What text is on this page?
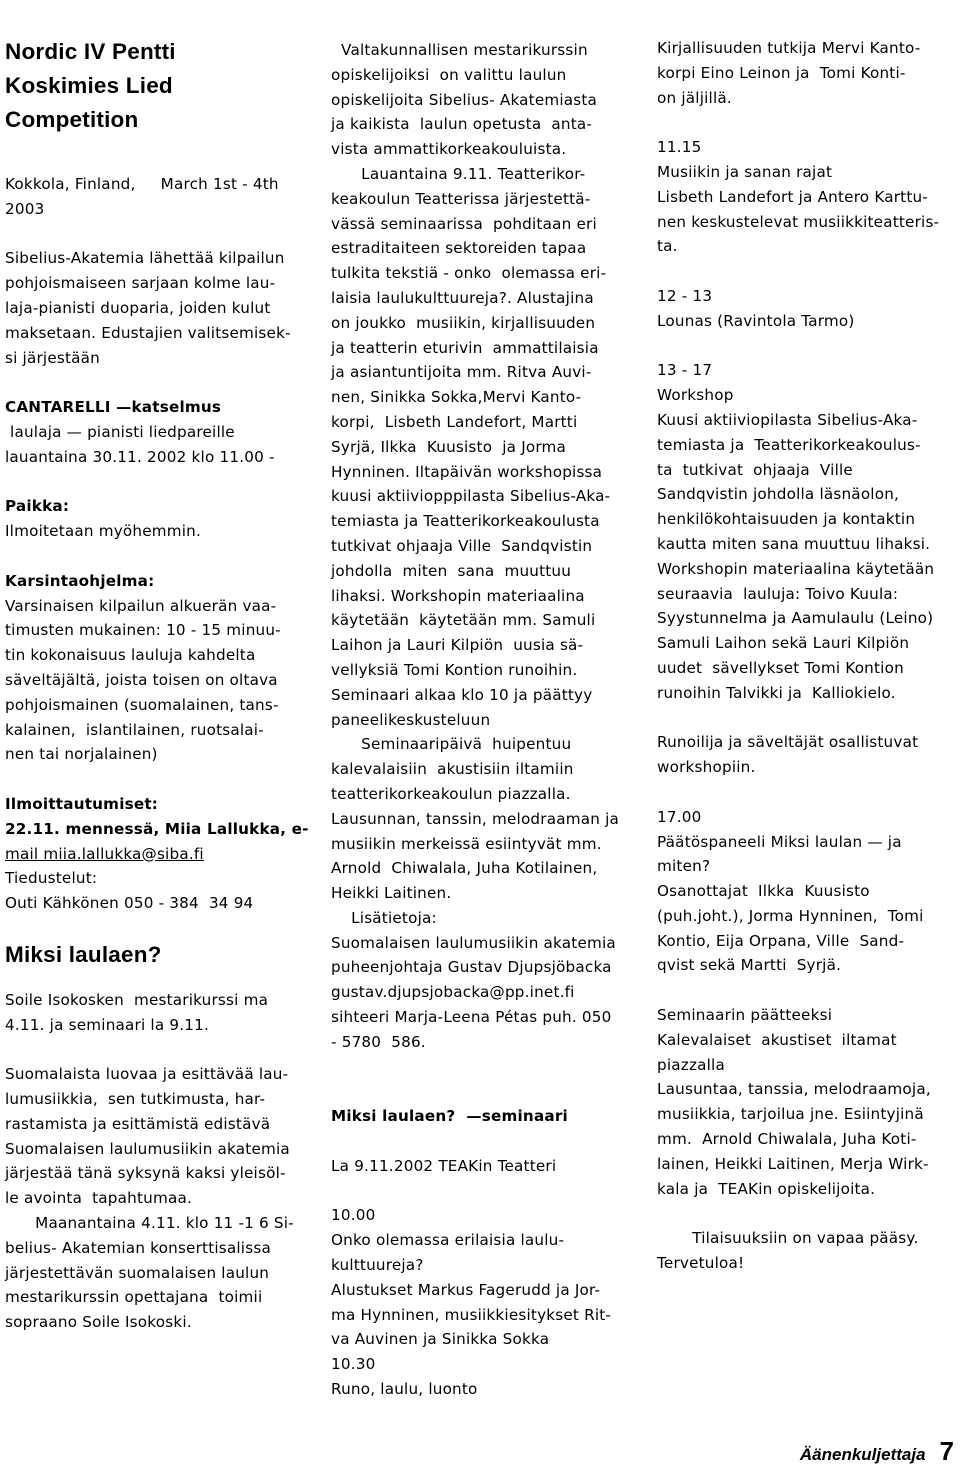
Nordic IV Pentti
Koskimies Lied
Competition

Kokkola, Finland,     March 1st - 4th

2003

Sibelius-Akatemia lähettää kilpailun

pohjoismaiseen sarjaan kolme lau-

laja-pianisti duoparia, joiden kulut

maksetaan. Edustajien valitsemisek-

si järjestään

CANTARELLI —katselmus

laulaja — pianisti liedpareille

lauantaina 30.11. 2002 klo 11.00 -

Paikka:

Ilmoitetaan myöhemmin.

Karsintaohjelma:

Varsinaisen kilpailun alkuerän vaa-

timusten mukainen: 10 - 15 minuu-

tin kokonaisuus lauluja kahdelta

säveltäjältä, joista toisen on oltava

pohjoismainen (suomalainen, tans-

kalainen,  islantilainen, ruotsalai-

nen tai norjalainen)

Ilmoittautumiset:

22.11. mennessä, Miia Lallukka, e-

mail miia.lallukka@siba.fi

Tiedustelut:

Outi Kähkönen 050 - 384  34 94

Miksi laulaen?

Soile Isokosken  mestarikurssi ma

4.11. ja seminaari la 9.11.

Suomalaista luovaa ja esittävää lau-

lumusiikkia,  sen tutkimusta, har-

rastamista ja esittämistä edistävä

Suomalaisen laulumusiikin akatemia

järjestää tänä syksynä kaksi yleisöl-

le avointa  tapahtumaa.

Maanantaina 4.11. klo 11 -1 6 Si-

belius- Akatemian konserttisalissa

järjestettävän suomalaisen laulun

mestarikurssin opettajana  toimii

sopraano Soile Isokoski.

Valtakunnallisen mestarikurssin

opiskelijoiksi  on valittu laulun

opiskelijoita Sibelius- Akatemiasta

ja kaikista  laulun opetusta  anta-

vista ammattikorkeakouluista.

Lauantaina 9.11. Teatterikor-

keakoulun Teatterissa järjestettä-

vässä seminaarissa  pohditaan eri

estraditaiteen sektoreiden tapaa

tulkita tekstiä - onko  olemassa eri-

laisia laulukulttuureja?. Alustajina

on joukko  musiikin, kirjallisuuden

ja teatterin eturivin  ammattilaisia

ja asiantuntijoita mm. Ritva Auvi-

nen, Sinikka Sokka,Mervi Kanto-

korpi,  Lisbeth Landefort, Martti

Syrjä, Ilkka  Kuusisto  ja Jorma

Hynninen. Iltapäivän workshopissa

kuusi aktiiviopppilasta Sibelius-Aka-

temiasta ja Teatterikorkeakoulusta

tutkivat ohjaaja Ville  Sandqvistin

johdolla  miten  sana  muuttuu

lihaksi. Workshopin materiaalina

käytetään  käytetään mm. Samuli

Laihon ja Lauri Kilpiön  uusia sä-

vellyksiä Tomi Kontion runoihin.

Seminaari alkaa klo 10 ja päättyy

paneelikeskusteluun

Seminaaripäivä  huipentuu

kalevalaisiin  akustisiin iltamiin

teatterikorkeakoulun piazzalla.

Lausunnan, tanssin, melodraaman ja

musiikin merkeissä esiintyvät mm.

Arnold  Chiwalala, Juha Kotilainen,

Heikki Laitinen.

Lisätietoja:

Suomalaisen laulumusiikin akatemia

puheenjohtaja Gustav Djupsjöbacka

gustav.djupsjobacka@pp.inet.fi

sihteeri Marja-Leena Pétas puh. 050

- 5780  586.

Miksi laulaen?  —seminaari

La 9.11.2002 TEAKin Teatteri

10.00

Onko olemassa erilaisia laulu-

kulttuureja?

Alustukset Markus Fagerudd ja Jor-

ma Hynninen, musiikkiesitykset Rit-

va Auvinen ja Sinikka Sokka

10.30

Runo, laulu, luonto

Kirjallisuuden tutkija Mervi Kanto-

korpi Eino Leinon ja  Tomi Konti-

on jäljillä.

11.15

Musiikin ja sanan rajat

Lisbeth Landefort ja Antero Karttu-

nen keskustelevat musiikkiteatteris-

ta.

12 - 13

Lounas (Ravintola Tarmo)

13 - 17

Workshop

Kuusi aktiiviopilasta Sibelius-Aka-

temiasta ja  Teatterikorkeakoulus-

ta  tutkivat  ohjaaja  Ville

Sandqvistin johdolla läsnäolon,

henkilökohtaisuuden ja kontaktin

kautta miten sana muuttuu lihaksi.

Workshopin materiaalina käytetään

seuraavia  lauluja: Toivo Kuula:

Syystunnelma ja Aamulaulu (Leino)

Samuli Laihon sekä Lauri Kilpiön

uudet  sävellykset Tomi Kontion

runoihin Talvikki ja  Kalliokielo.

Runoilija ja säveltäjät osallistuvat

workshopiin.

17.00

Päätöspaneeli Miksi laulan — ja

miten?

Osanottajat  Ilkka  Kuusisto

(puh.joht.), Jorma Hynninen,  Tomi

Kontio, Eija Orpana, Ville  Sand-

qvist sekä Martti  Syrjä.

Seminaarin päätteeksi

Kalevalaiset  akustiset  iltamat

piazzalla

Lausuntaa, tanssia, melodraamoja,

musiikkia, tarjoilua jne. Esiintyjinä

mm.  Arnold Chiwalala, Juha Koti-

lainen, Heikki Laitinen, Merja Wirk-

kala ja  TEAKin opiskelijoita.

Tilaisuuksiin on vapaa pääsy.

Tervetuloa!

Äänenkuljettaja 7
